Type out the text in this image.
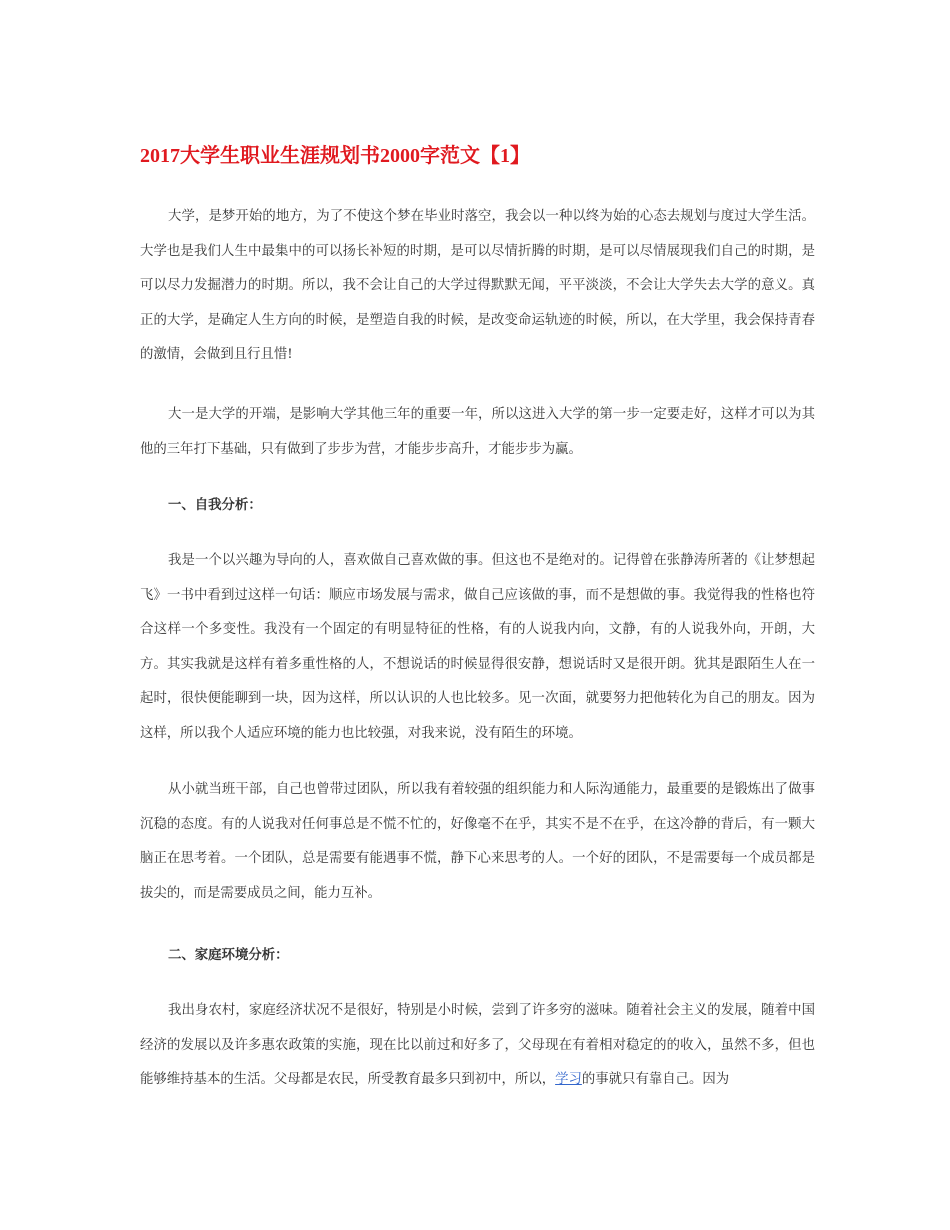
2017大学生职业生涯规划书2000字范文【1】

大学，是梦开始的地方，为了不使这个梦在毕业时落空，我会以一种以终为始的心态去规划与度过大学生活。大学也是我们人生中最集中的可以扬长补短的时期，是可以尽情折腾的时期，是可以尽情展现我们自己的时期，是可以尽力发掘潜力的时期。所以，我不会让自己的大学过得默默无闻，平平淡淡，不会让大学失去大学的意义。真正的大学，是确定人生方向的时候，是塑造自我的时候，是改变命运轨迹的时候，所以，在大学里，我会保持青春的激情，会做到且行且惜!

大一是大学的开端，是影响大学其他三年的重要一年，所以这进入大学的第一步一定要走好，这样才可以为其他的三年打下基础，只有做到了步步为营，才能步步高升，才能步步为赢。

一、自我分析：

我是一个以兴趣为导向的人，喜欢做自己喜欢做的事。但这也不是绝对的。记得曾在张静涛所著的《让梦想起飞》一书中看到过这样一句话：顺应市场发展与需求，做自己应该做的事，而不是想做的事。我觉得我的性格也符合这样一个多变性。我没有一个固定的有明显特征的性格，有的人说我内向，文静，有的人说我外向，开朗，大方。其实我就是这样有着多重性格的人，不想说话的时候显得很安静，想说话时又是很开朗。犹其是跟陌生人在一起时，很快便能聊到一块，因为这样，所以认识的人也比较多。见一次面，就要努力把他转化为自己的朋友。因为这样，所以我个人适应环境的能力也比较强，对我来说，没有陌生的环境。

从小就当班干部，自己也曾带过团队，所以我有着较强的组织能力和人际沟通能力，最重要的是锻炼出了做事沉稳的态度。有的人说我对任何事总是不慌不忙的，好像毫不在乎，其实不是不在乎，在这冷静的背后，有一颗大脑正在思考着。一个团队，总是需要有能遇事不慌，静下心来思考的人。一个好的团队，不是需要每一个成员都是拔尖的，而是需要成员之间，能力互补。

二、家庭环境分析：

我出身农村，家庭经济状况不是很好，特别是小时候，尝到了许多穷的滋味。随着社会主义的发展，随着中国经济的发展以及许多惠农政策的实施，现在比以前过和好多了，父母现在有着相对稳定的的收入，虽然不多，但也能够维持基本的生活。父母都是农民，所受教育最多只到初中，所以，学习的事就只有靠自己。因为
